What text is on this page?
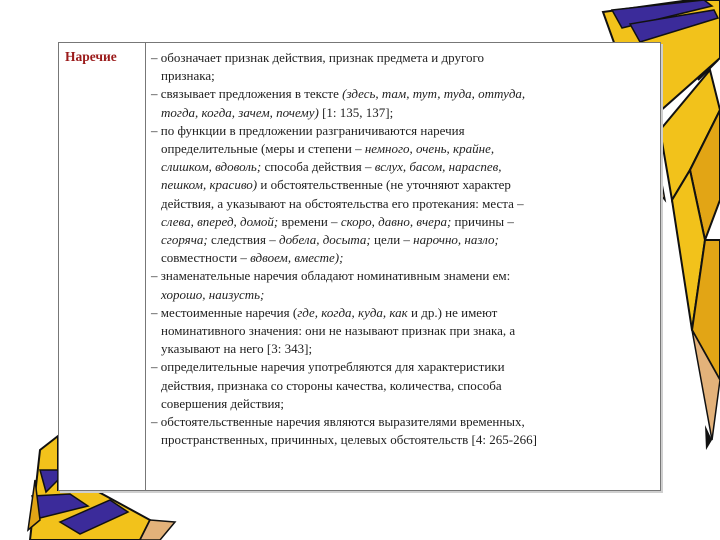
Наречие	– обозначает признак действия, признак предмета и другого
признака;
– связывает предложения в тексте (здесь, там, тут, туда, оттуда,
тогда, когда, зачем, почему) [1: 135, 137];
– по функции в предложении разграничиваются наречия
определительные (меры и степени – немного, очень, крайне,
слишком, вдоволь; способа действия – вслух, басом, нараспев,
пешком, красиво) и обстоятельственные (не уточняют характер
действия, а указывают на обстоятельства его протекания: места –
слева, вперед, домой; времени – скоро, давно, вчера; причины –
сгоряча; следствия – добела, досыта; цели – нарочно, назло;
совместности – вдвоем, вместе);
– знаменательные наречия обладают номинативным знамени ем:
хорошо, наизусть;
– местоименные наречия (где, когда, куда, как и др.) не имеют
номинативного значения: они не называют признак при знака, а
указывают на него [3: 343];
– определительные наречия употребляются для характеристики
действия, признака со стороны качества, количества, способа
совершения действия;
– обстоятельственные наречия являются выразителями временных,
пространственных, причинных, целевых обстоятельств [4: 265-266]
